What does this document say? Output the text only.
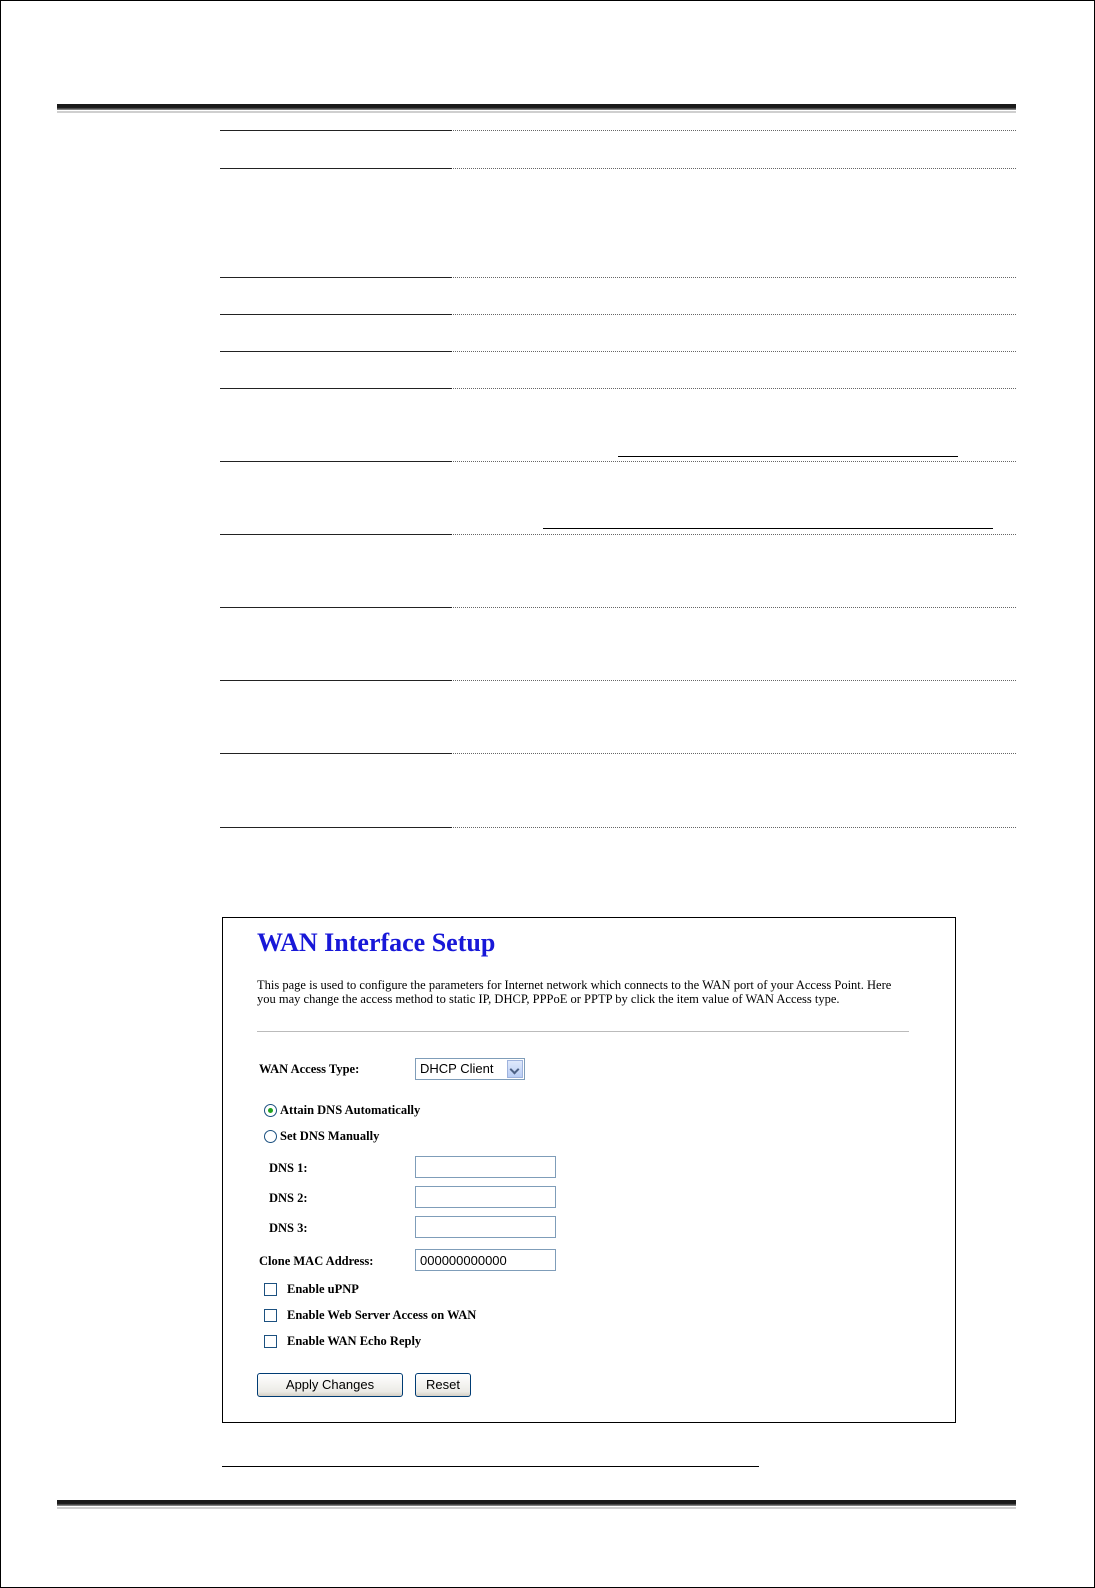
WAN Interface Setup

This page is used to configure the parameters for Internet network which connects to the WAN port of your Access Point. Here you may change the access method to static IP, DHCP, PPPoE or PPTP by click the item value of WAN Access type.

WAN Access Type:	DHCP Client
Attain DNS Automatically
Set DNS Manually
DNS 1:
DNS 2:
DNS 3:
Clone MAC Address:
000000000000
Enable uPNP
Enable Web Server Access on WAN
Enable WAN Echo Reply
Apply Changes	Reset
